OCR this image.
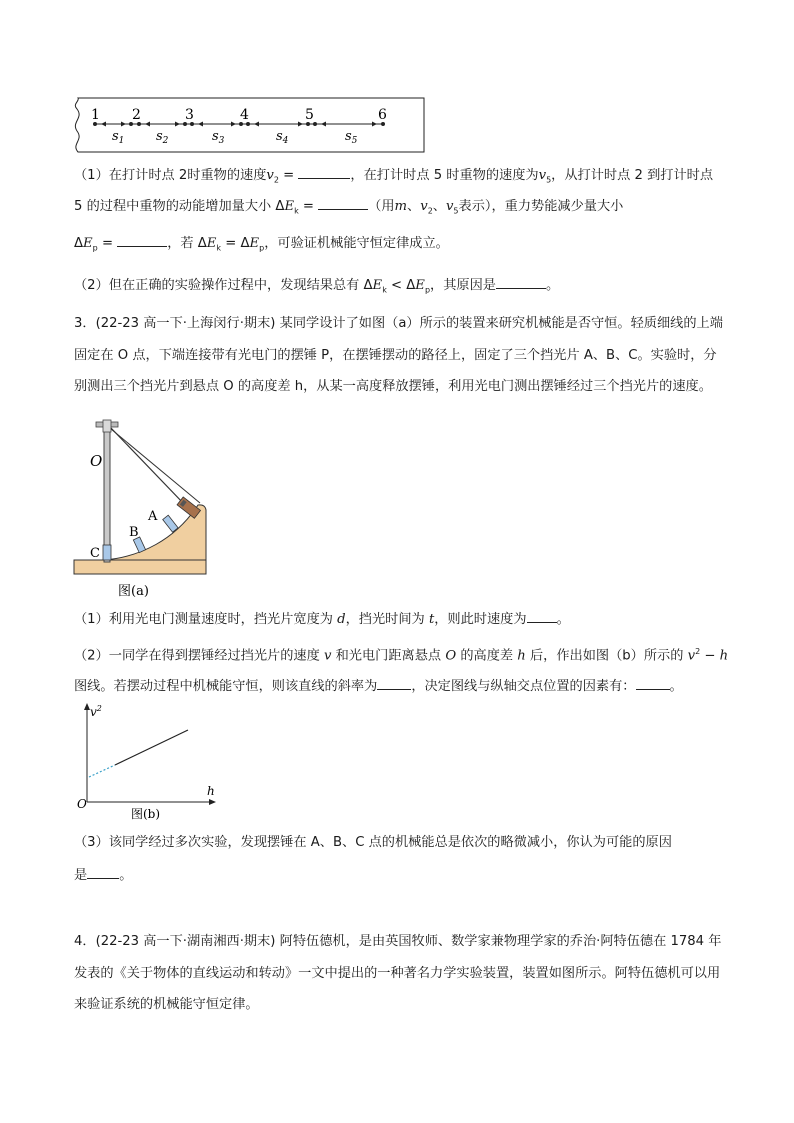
1 2	3	4	5	6
$s_1$ $s_2$	$s_3$	$s_4$	$s_5$
（1）在打计时点 2时重物的速度$v_2$ =	，在打计时点 5 时重物的速度为$v_5$，从打计时点 2 到打计时点
5 的过程中重物的动能增加量大小 $\Delta E_k$ =	（用m、$v_2$、$v_5$表示），重力势能减少量大小
$\Delta E_p$ =	，若 $\Delta E_k = \Delta E_p$，可验证机械能守恒定律成立。
（2）但在正确的实验操作过程中，发现结果总有 $\Delta E_k < \Delta E_p$，其原因是	。
3．(22-23 高一下·上海闵行·期末) 某同学设计了如图（a）所示的装置来研究机械能是否守恒。轻质细线的上端固定在 O 点，下端连接带有光电门的摆锤 P，在摆锤摆动的路径上，固定了三个挡光片 A、B、C。实验时，分别测出三个挡光片到悬点 O 的高度差 h，从某一高度释放摆锤，利用光电门测出摆锤经过三个挡光片的速度。
O
A
B
C
图(a)
（1）利用光电门测量速度时，挡光片宽度为 d，挡光时间为 t，则此时速度为 。
（2）一同学在得到摆锤经过挡光片的速度 v 和光电门距离悬点 O 的高度差 h 后，作出如图（b）所示的 $v^2 - h$
图线。若摆动过程中机械能守恒，则该直线的斜率为	，决定图线与纵轴交点位置的因素有：	。
$v^2$
h
O
图(b)
（3）该同学经过多次实验，发现摆锤在 A、B、C 点的机械能总是依次的略微减小，你认为可能的原因
是 。
4．(22-23 高一下·湖南湘西·期末) 阿特伍德机，是由英国牧师、数学家兼物理学家的乔治·阿特伍德在 1784 年发表的《关于物体的直线运动和转动》一文中提出的一种著名力学实验装置，装置如图所示。阿特伍德机可以用来验证系统的机械能守恒定律。
